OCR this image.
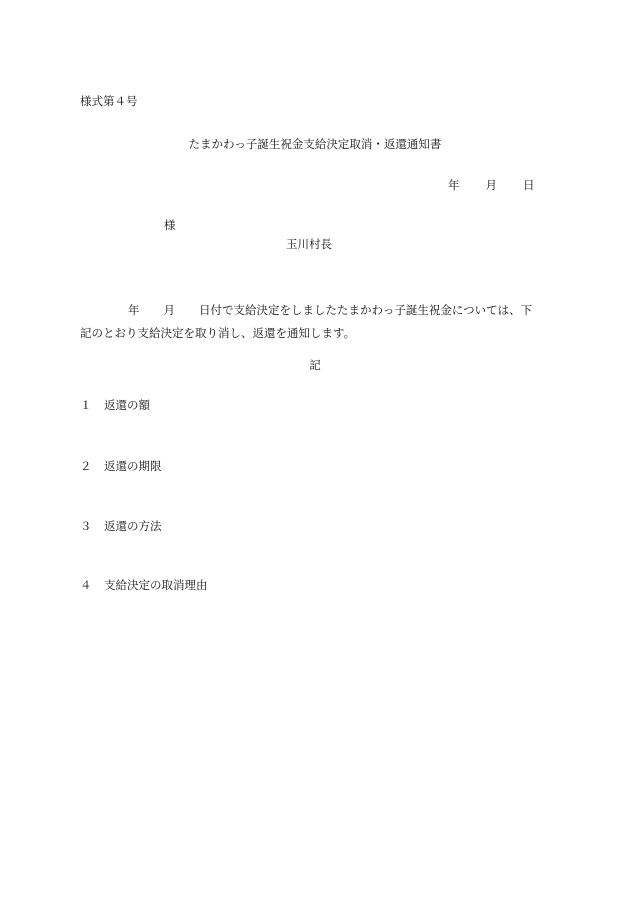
様式第４号
たまかわっ子誕生祝金支給決定取消・返還通知書
年 月 日
様
玉川村長
年 月 日付で支給決定をしましたたまかわっ子誕生祝金については、下
記のとおり支給決定を取り消し、返還を通知します。
記
１ 返還の額
２ 返還の期限
３ 返還の方法
４ 支給決定の取消理由
